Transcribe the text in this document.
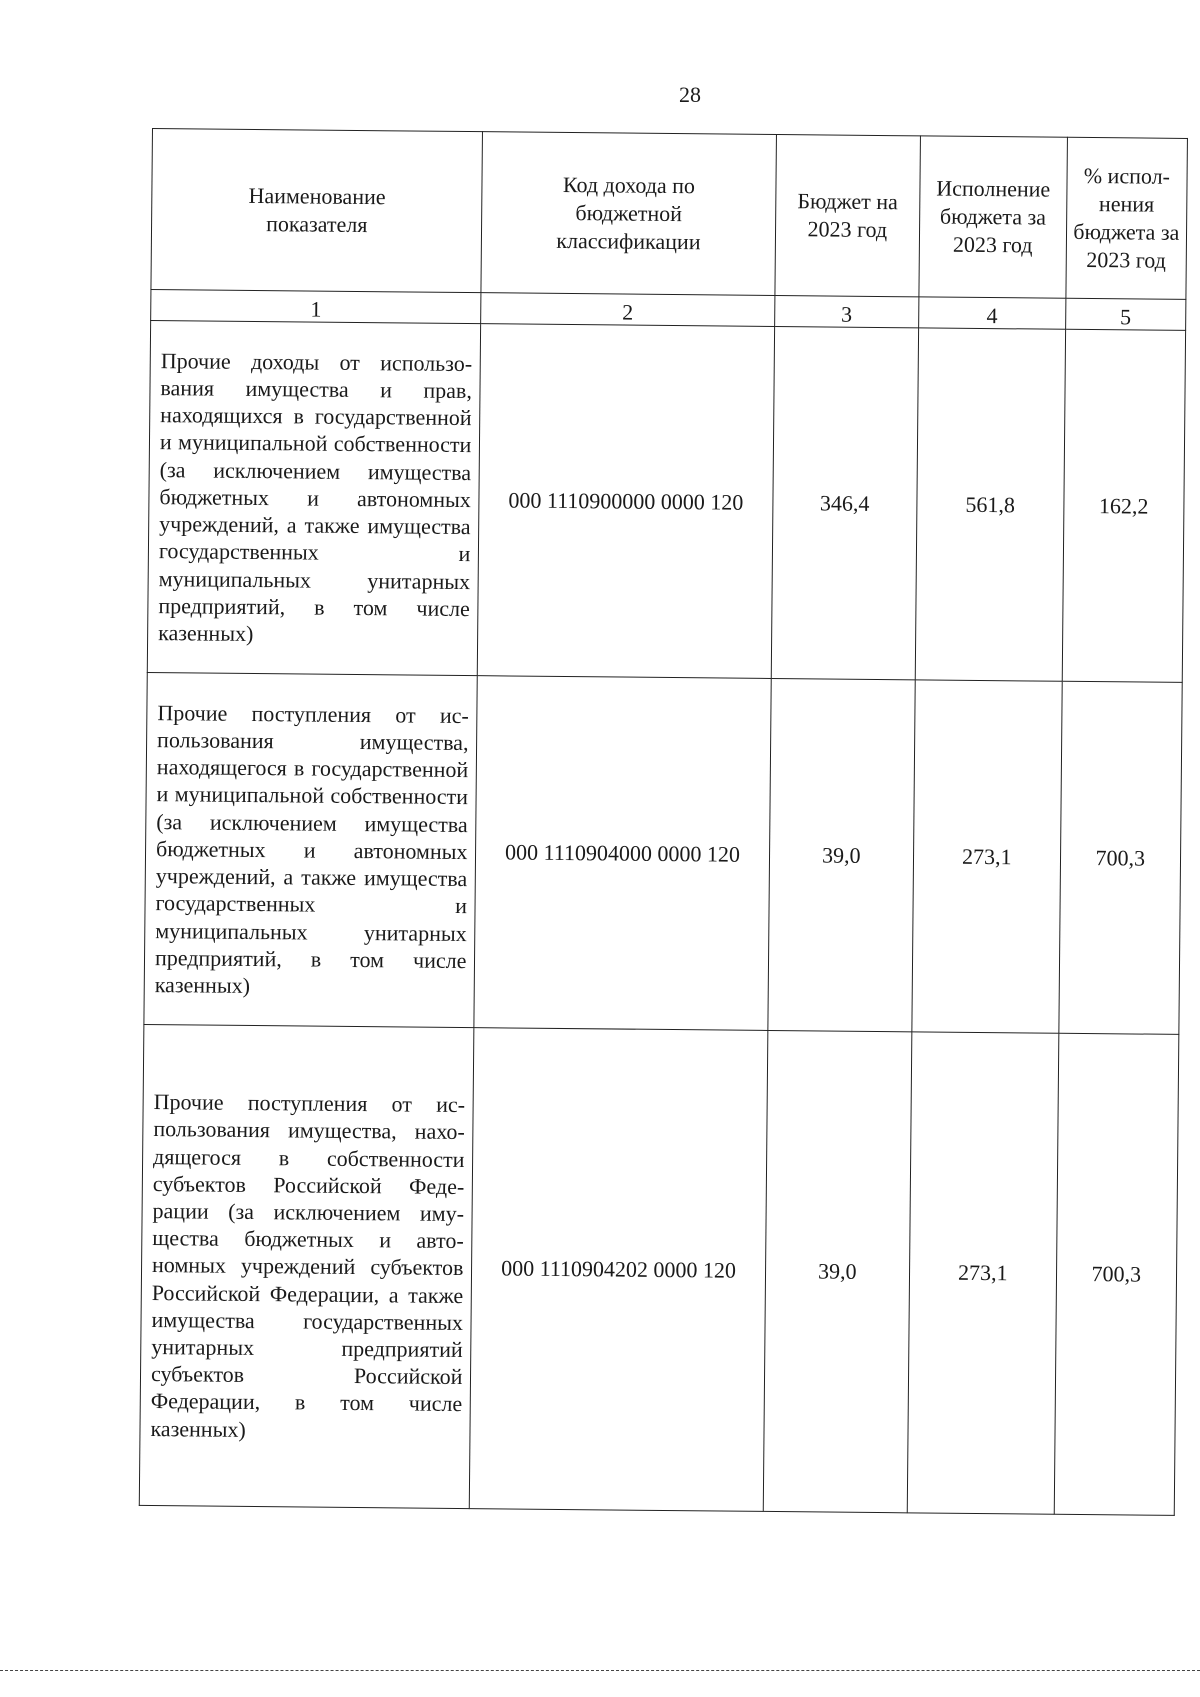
28
Наименование показателя	Код дохода по бюджетной классификации	Бюджет на 2023 год	Исполнение бюджета за 2023 год	% испол-нения бюджета за 2023 год
1	2	3	4	5
Прочие доходы от использования имущества и прав, находящихся в государственной и муниципальной собственности (за исключением имущества бюджетных и автономных учреждений, а также имущества государственных и муниципальных унитарных предприятий, в том числе казенных)	000 1110900000 0000 120	346,4	561,8	162,2
Прочие поступления от использования имущества, находящегося в государственной и муниципальной собственности (за исключением имущества бюджетных и автономных учреждений, а также имущества государственных и муниципальных унитарных предприятий, в том числе казенных)	000 1110904000 0000 120	39,0	273,1	700,3
Прочие поступления от использования имущества, находящегося в собственности субъектов Российской Федерации (за исключением имущества бюджетных и автономных учреждений субъектов Российской Федерации, а также имущества государственных унитарных предприятий субъектов Российской Федерации, в том числе казенных)	000 1110904202 0000 120	39,0	273,1	700,3
